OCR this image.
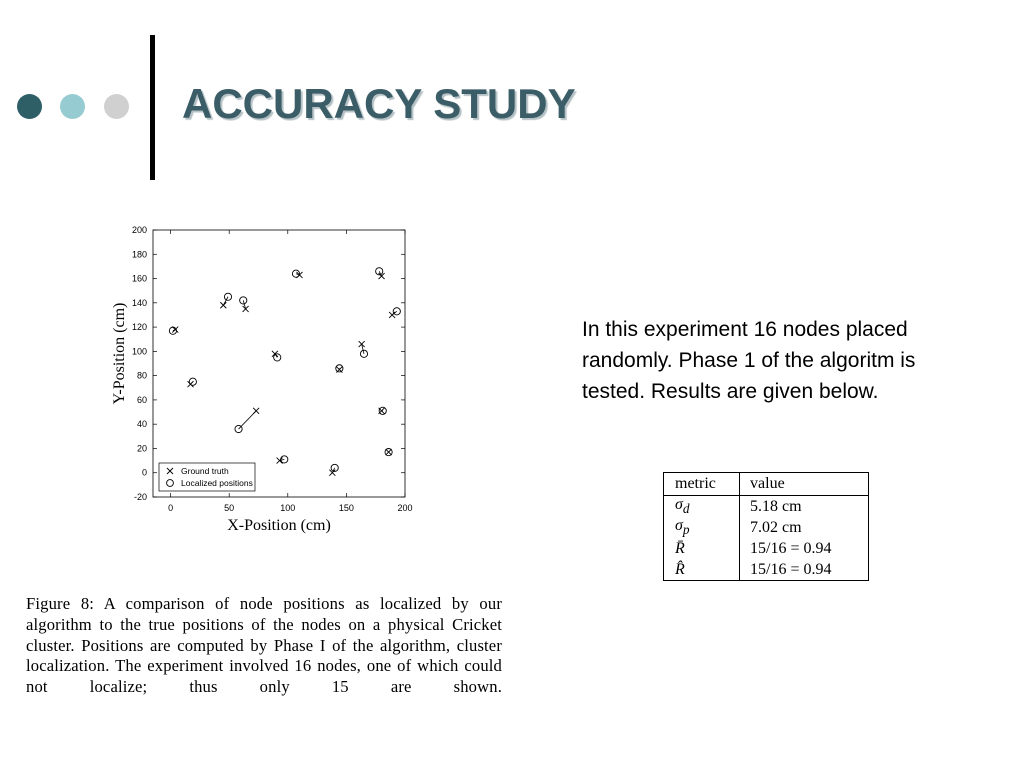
ACCURACY STUDY
0	50	100	150	200
-20
0
20
40
60
80
100
120
140
160
180
200
X-Position (cm)
Y-Position (cm)
Ground truth
Localized positions

Figure 8: A comparison of node positions as localized by our algorithm to the true positions of the nodes on a physical Cricket cluster. Positions are computed by Phase I of the algorithm, cluster localization. The experiment involved 16 nodes, one of which could not localize; thus only 15 are shown.

In this experiment 16 nodes placed randomly. Phase 1 of the algoritm is tested. Results are given below.

metric	value
$\sigma_d$	5.18 cm
$\sigma_p$	7.02 cm
R	15/16 = 0.94
R	15/16 = 0.94
